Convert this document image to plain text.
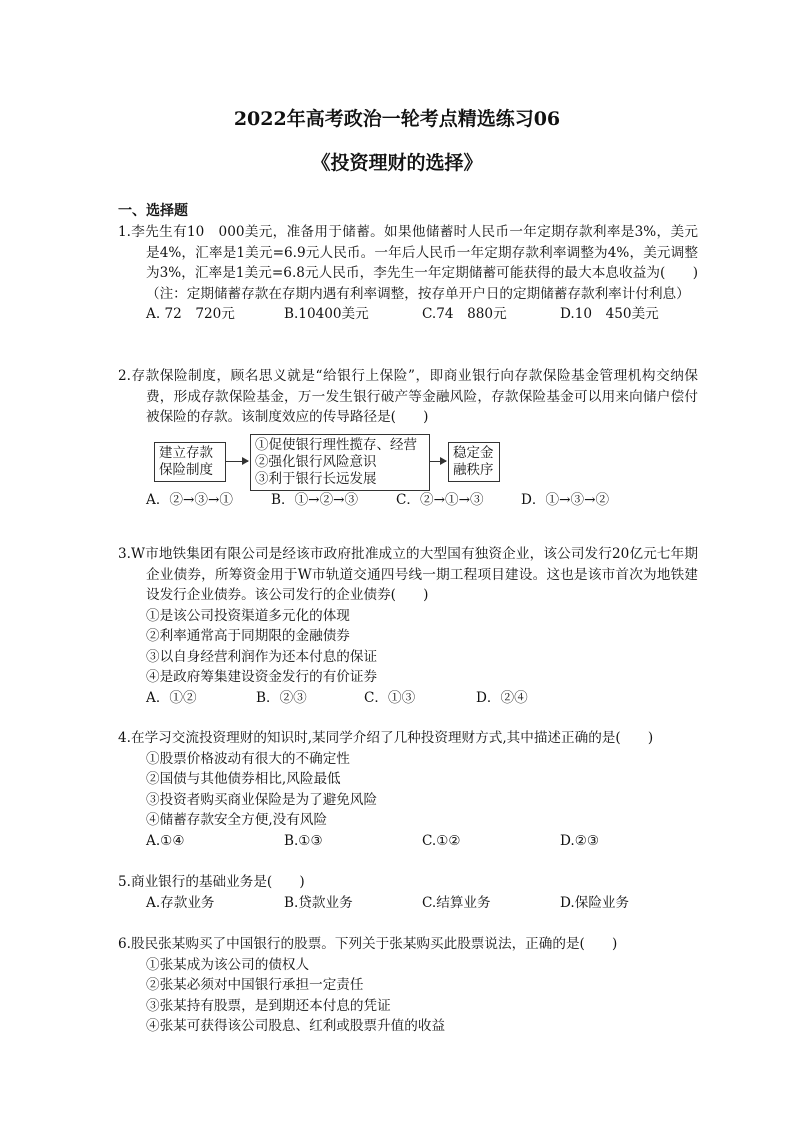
2022年高考政治一轮考点精选练习06
《投资理财的选择》
一、选择题

1.李先生有10　000美元，准备用于储蓄。如果他储蓄时人民币一年定期存款利率是3%，美元是4%，汇率是1美元=6.9元人民币。一年后人民币一年定期存款利率调整为4%，美元调整为3%，汇率是1美元=6.8元人民币，李先生一年定期储蓄可能获得的最大本息收益为(　　)（注：定期储蓄存款在存期内遇有利率调整，按存单开户日的定期储蓄存款利率计付利息）

A. 72　720元	B.10400美元	C.74　880元	D.10　450美元

2.存款保险制度，顾名思义就是“给银行上保险”，即商业银行向存款保险基金管理机构交纳保费，形成存款保险基金，万一发生银行破产等金融风险，存款保险基金可以用来向储户偿付被保险的存款。该制度效应的传导路径是(　　)

建立存款
保险制度
①促使银行理性揽存、经营
②强化银行风险意识
③利于银行长远发展
稳定金
融秩序
A．②→③→①	B．①→②→③	C．②→①→③	D．①→③→②

3.W市地铁集团有限公司是经该市政府批准成立的大型国有独资企业，该公司发行20亿元七年期企业债券，所筹资金用于W市轨道交通四号线一期工程项目建设。这也是该市首次为地铁建设发行企业债券。该公司发行的企业债券(　　)

①是该公司投资渠道多元化的体现

②利率通常高于同期限的金融债券

③以自身经营利润作为还本付息的保证

④是政府筹集建设资金发行的有价证券

A．①②	B．②③	C．①③	D．②④

4.在学习交流投资理财的知识时,某同学介绍了几种投资理财方式,其中描述正确的是(　　)

①股票价格波动有很大的不确定性

②国债与其他债券相比,风险最低

③投资者购买商业保险是为了避免风险

④储蓄存款安全方便,没有风险

A.①④	B.①③	C.①②	D.②③

5.商业银行的基础业务是(　　)

A.存款业务	B.贷款业务	C.结算业务	D.保险业务

6.股民张某购买了中国银行的股票。下列关于张某购买此股票说法，正确的是(　　)

①张某成为该公司的债权人

②张某必须对中国银行承担一定责任

③张某持有股票，是到期还本付息的凭证

④张某可获得该公司股息、红利或股票升值的收益
